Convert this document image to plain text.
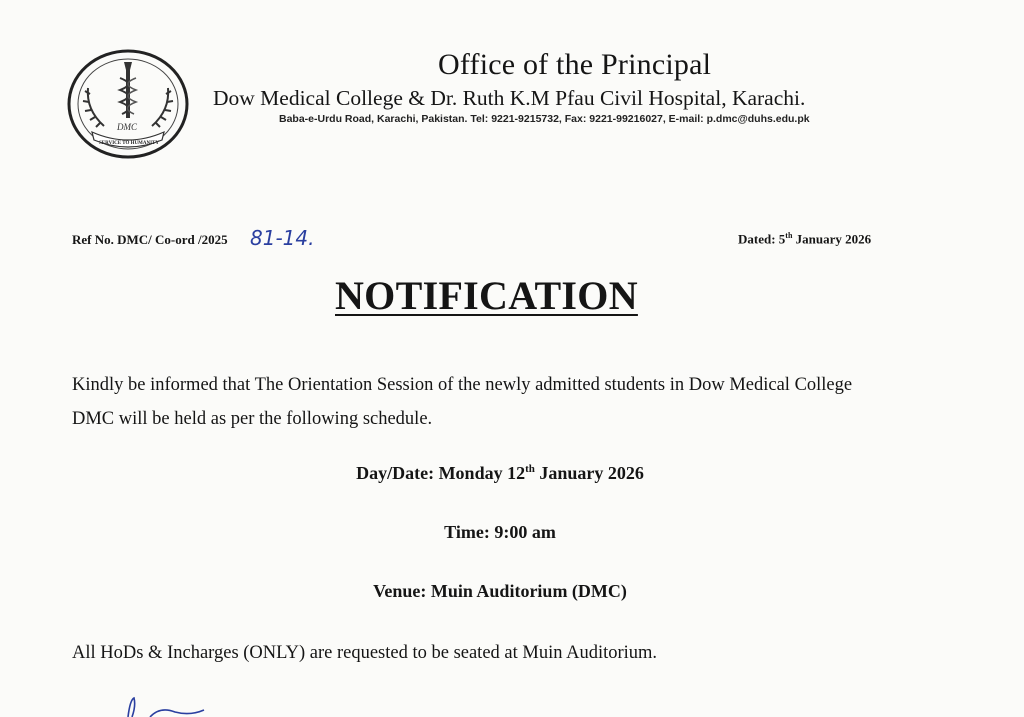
DMC
SERVICE TO HUMANITY
Office of the Principal
Dow Medical College & Dr. Ruth K.M Pfau Civil Hospital, Karachi.
Baba-e-Urdu Road, Karachi, Pakistan. Tel: 9221-9215732, Fax: 9221-99216027, E-mail: p.dmc@duhs.edu.pk
Ref No. DMC/ Co-ord /2025 81-14.	Dated: 5th January 2026
NOTIFICATION
Kindly be informed that The Orientation Session of the newly admitted students in Dow Medical College DMC will be held as per the following schedule.
Day/Date: Monday 12th January 2026
Time: 9:00 am
Venue: Muin Auditorium (DMC)
All HoDs & Incharges (ONLY) are requested to be seated at Muin Auditorium.
